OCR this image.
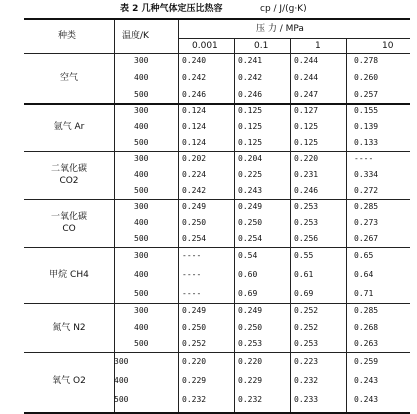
表 2 几种气体定压比热容	cp / J/(g·K)
种类	温度/K
压 力 / MPa
0.001	0.1	1	10
空气
300	0.240	0.241	0.244	0.278
400	0.242	0.242	0.244	0.260
500	0.246	0.246	0.247	0.257
氩气 Ar
300	0.124	0.125	0.127	0.155
400	0.124	0.125	0.125	0.139
500	0.124	0.125	0.125	0.133
二氧化碳
CO2
300	0.202	0.204	0.220	----
400	0.224	0.225	0.231	0.334
500	0.242	0.243	0.246	0.272
一氧化碳
CO
300	0.249	0.249	0.253	0.285
400	0.250	0.250	0.253	0.273
500	0.254	0.254	0.256	0.267
甲烷 CH4
300	----	0.54	0.55	0.65
400	----	0.60	0.61	0.64
500	----	0.69	0.69	0.71
氮气 N2
300	0.249	0.249	0.252	0.285
400	0.250	0.250	0.252	0.268
500	0.252	0.253	0.253	0.263
氧气 O2
300	0.220	0.220	0.223	0.259
400	0.229	0.229	0.232	0.243
500	0.232	0.232	0.233	0.243
